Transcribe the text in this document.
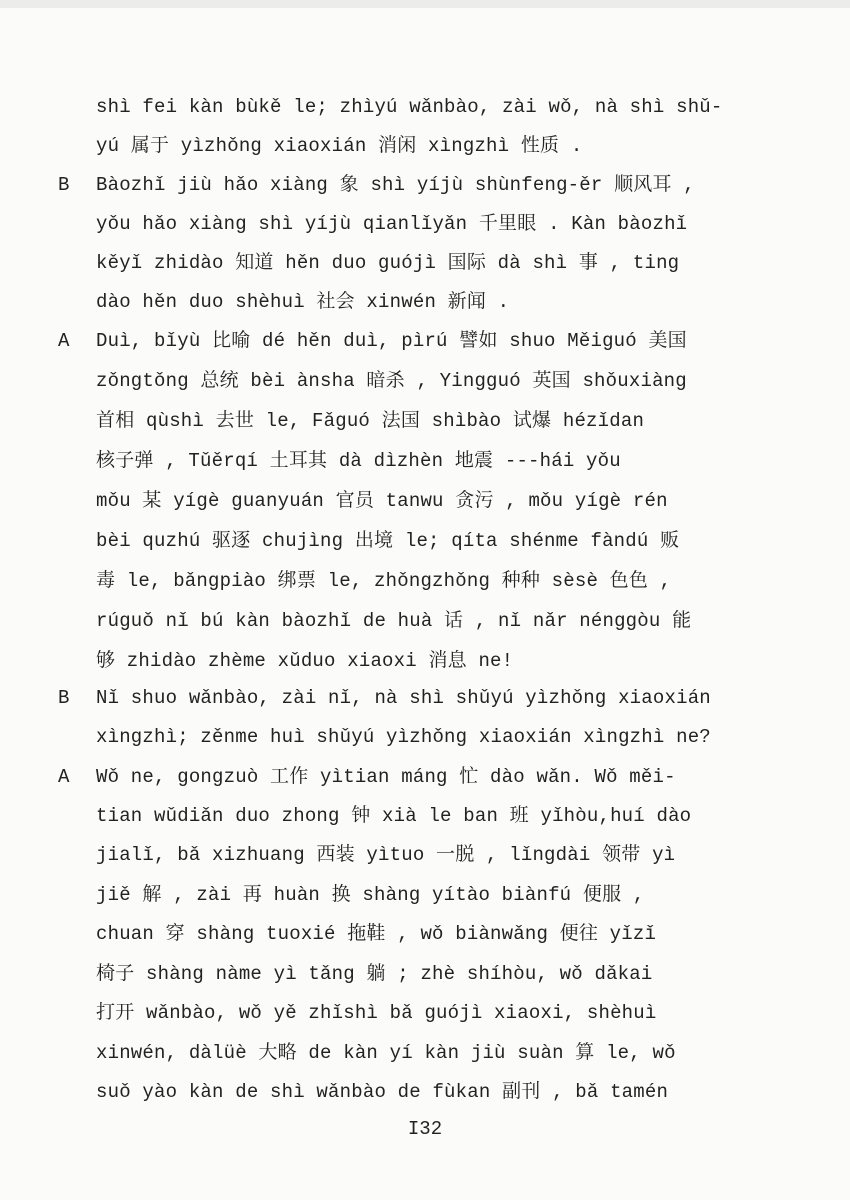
shì fei kàn bùkě le; zhìyú wǎnbào, zài wǒ, nà shì shǔ-
yú 属于 yìzhǒng xiaoxián 消闲 xìngzhì 性质 .
B	Bàozhǐ jiù hǎo xiàng 象 shì yíjù shùnfeng-ěr 顺风耳 ,
yǒu hǎo xiàng shì yíjù qianlǐyǎn 千里眼 . Kàn bàozhǐ
kěyǐ zhidào 知道 hěn duo guójì 国际 dà shì 事 , ting
dào hěn duo shèhuì 社会 xinwén 新闻 .
A	Duì, bǐyù 比喻 dé hěn duì, pìrú 譬如 shuo Měiguó 美国
zǒngtǒng 总统 bèi ànsha 暗杀 , Yingguó 英国 shǒuxiàng
首相 qùshì 去世 le, Fǎguó 法国 shìbào 试爆 hézǐdan
核子弹 , Tǔěrqí 土耳其 dà dìzhèn 地震 ---hái yǒu
mǒu 某 yígè guanyuán 官员 tanwu 贪污 , mǒu yígè rén
bèi quzhú 驱逐 chujìng 出境 le; qíta shénme fàndú 贩
毒 le, bǎngpiào 绑票 le, zhǒngzhǒng 种种 sèsè 色色 ,
rúguǒ nǐ bú kàn bàozhǐ de huà 话 , nǐ nǎr nénggòu 能
够 zhidào zhème xǔduo xiaoxi 消息 ne!
B	Nǐ shuo wǎnbào, zài nǐ, nà shì shǔyú yìzhǒng xiaoxián
xìngzhì; zěnme huì shǔyú yìzhǒng xiaoxián xìngzhì ne?
A	Wǒ ne, gongzuò 工作 yìtian máng 忙 dào wǎn. Wǒ měi-
tian wǔdiǎn duo zhong 钟 xià le ban 班 yǐhòu,huí dào
jialǐ, bǎ xizhuang 西装 yìtuo 一脱 , lǐngdài 领带 yì
jiě 解 , zài 再 huàn 换 shàng yítào biànfú 便服 ,
chuan 穿 shàng tuoxié 拖鞋 , wǒ biànwǎng 便往 yǐzǐ
椅子 shàng nàme yì tǎng 躺 ; zhè shíhòu, wǒ dǎkai
打开 wǎnbào, wǒ yě zhǐshì bǎ guójì xiaoxi, shèhuì
xinwén, dàlüè 大略 de kàn yí kàn jiù suàn 算 le, wǒ
suǒ yào kàn de shì wǎnbào de fùkan 副刊 , bǎ tamén
I32
